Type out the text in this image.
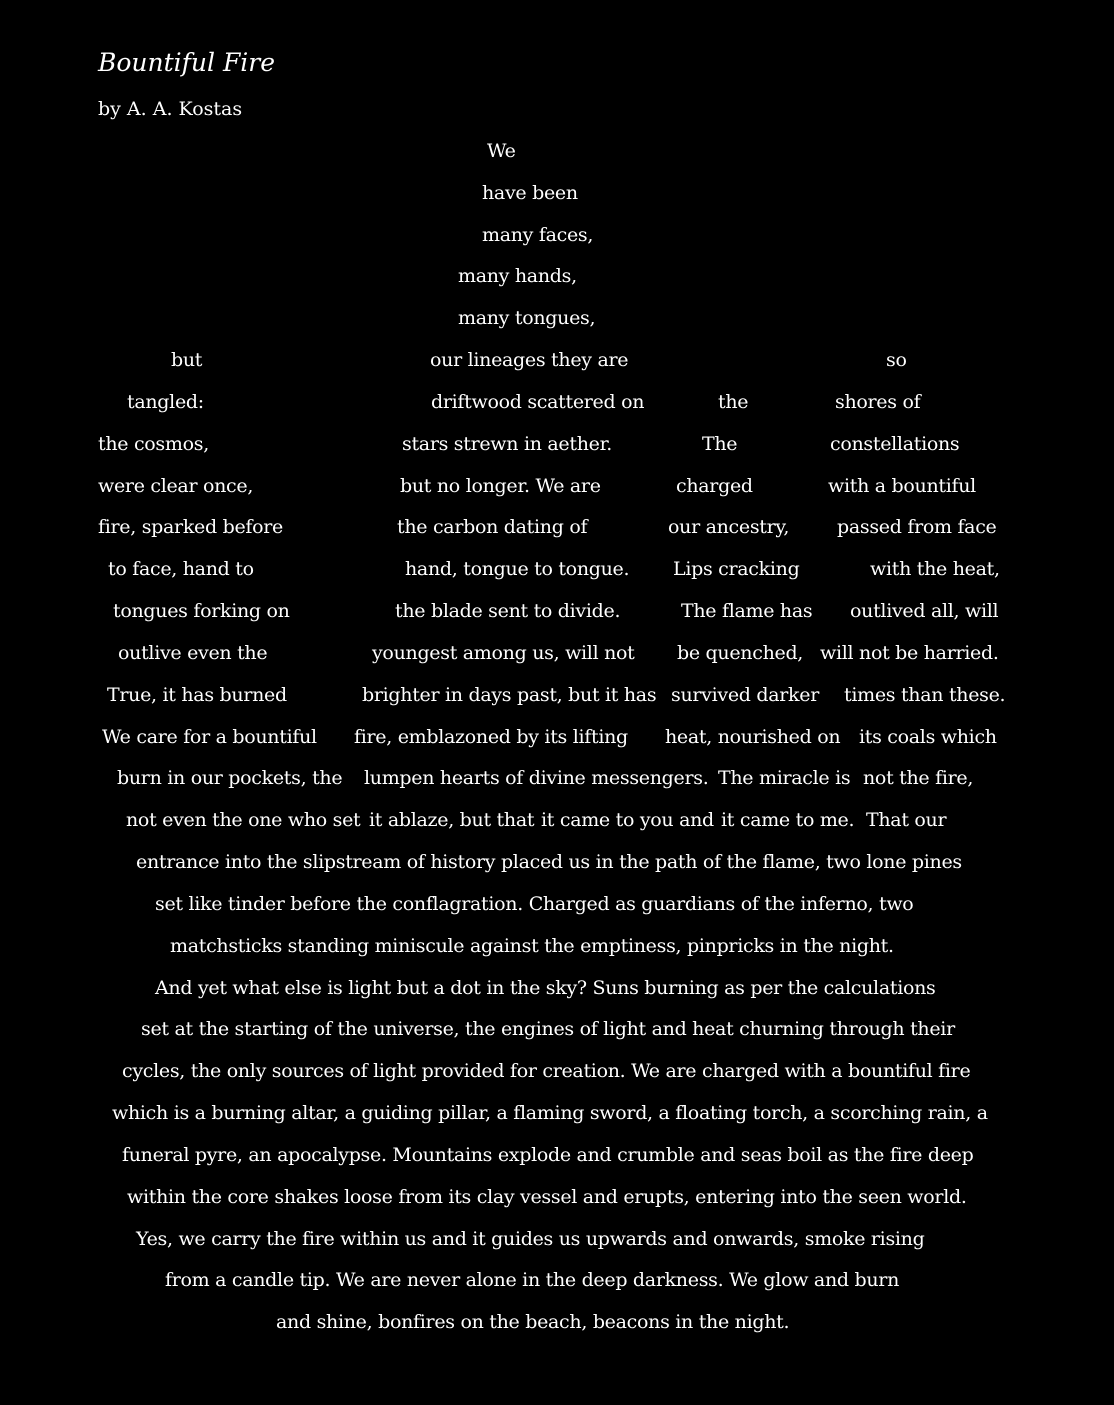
Bountiful Fire
by A. A. Kostas
We
have been
many faces,
many hands,
many tongues,
but	our lineages they are	so
tangled:	driftwood scattered on	the	shores of
the cosmos,	stars strewn in aether.	The	constellations
were clear once,	but no longer. We are	charged	with a bountiful
fire, sparked before	the carbon dating of	our ancestry,	passed from face
to face, hand to	hand, tongue to tongue. Lips cracking	with the heat,
tongues forking on	the blade sent to divide.	The flame has outlived all, will
outlive even the	youngest among us, will not be quenched, will not be harried.
True, it has burned	brighter in days past, but it has survived darker times than these.
We care for a bountiful fire, emblazoned by its lifting heat, nourished on its coals which
burn in our pockets, the lumpen hearts of divine messengers. The miracle is not the fire,
not even the one who set it ablaze, but that it came to you and it came to me. That our
entrance into the slipstream of history placed us in the path of the flame, two lone pines
set like tinder before the conflagration. Charged as guardians of the inferno, two
matchsticks standing miniscule against the emptiness, pinpricks in the night.
And yet what else is light but a dot in the sky? Suns burning as per the calculations
set at the starting of the universe, the engines of light and heat churning through their
cycles, the only sources of light provided for creation. We are charged with a bountiful fire
which is a burning altar, a guiding pillar, a flaming sword, a floating torch, a scorching rain, a
funeral pyre, an apocalypse. Mountains explode and crumble and seas boil as the fire deep
within the core shakes loose from its clay vessel and erupts, entering into the seen world.
Yes, we carry the fire within us and it guides us upwards and onwards, smoke rising
from a candle tip. We are never alone in the deep darkness. We glow and burn
and shine, bonfires on the beach, beacons in the night.
